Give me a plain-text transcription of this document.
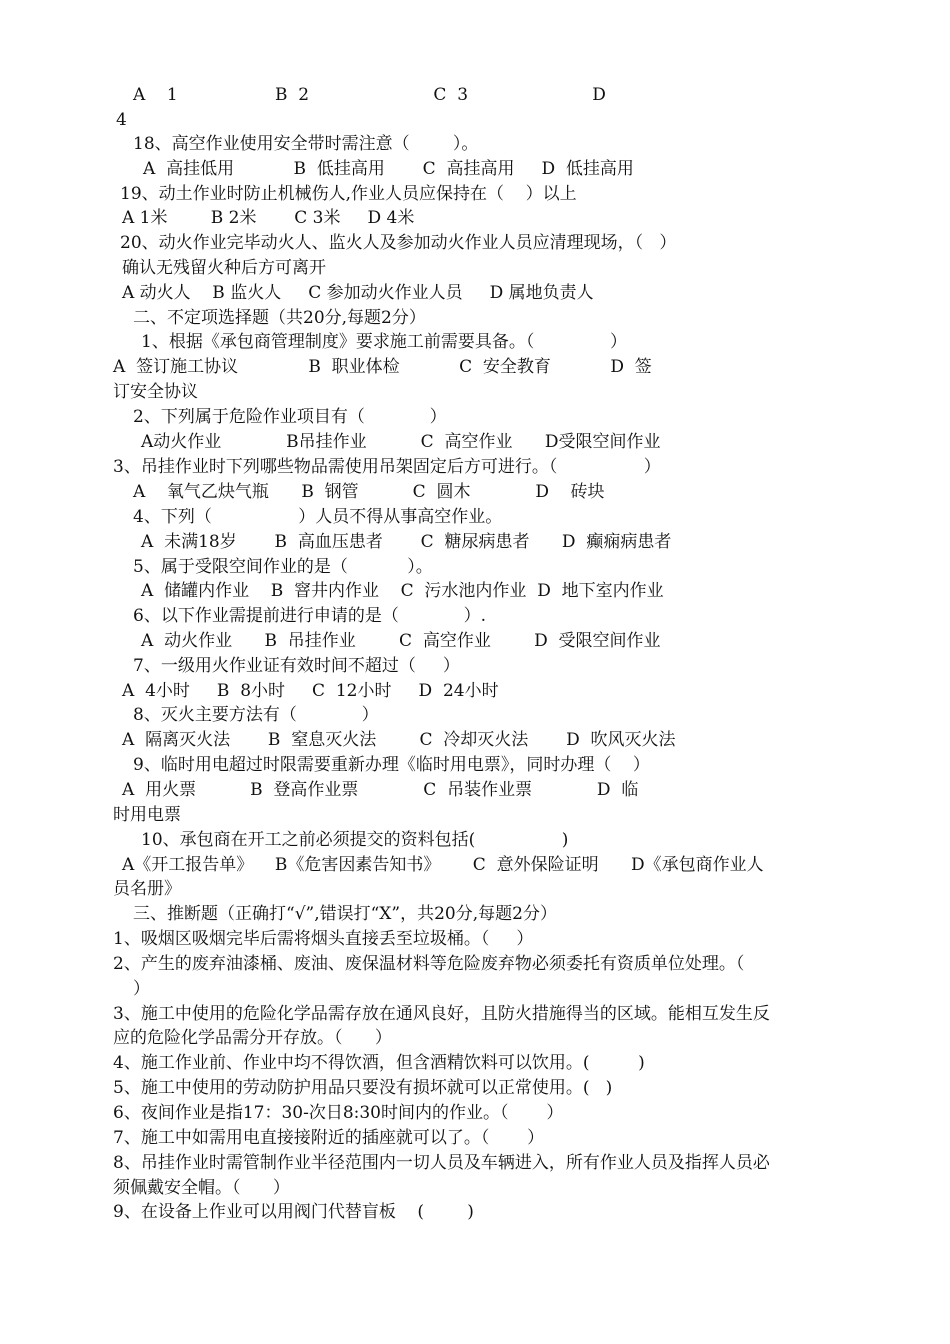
A    1                  B  2                       C  3                       D
4
18、高空作业使用安全带时需注意（        ）。
A  高挂低用           B  低挂高用       C  高挂高用     D  低挂高用
19、动土作业时防止机械伤人,作业人员应保持在（    ）以上
A 1米        B 2米       C 3米     D 4米
20、动火作业完毕动火人、监火人及参加动火作业人员应清理现场，（   ）
确认无残留火种后方可离开
A 动火人    B 监火人     C 参加动火作业人员     D 属地负责人
二、不定项选择题（共20分,每题2分）
1、根据《承包商管理制度》要求施工前需要具备。（              ）
A  签订施工协议             B  职业体检           C  安全教育           D  签
订安全协议
2、下列属于危险作业项目有（            ）
A动火作业            B吊挂作业          C  高空作业      D受限空间作业
3、吊挂作业时下列哪些物品需使用吊架固定后方可进行。（                ）
A    氧气乙炔气瓶      B  钢管          C  圆木            D    砖块
4、下列（                ）人员不得从事高空作业。
A  未满18岁       B  高血压患者       C  糖尿病患者      D  癫痫病患者
5、属于受限空间作业的是（           ）。
A  储罐内作业    B  窨井内作业    C  污水池内作业  D  地下室内作业
6、以下作业需提前进行申请的是（            ）.
A  动火作业      B  吊挂作业        C  高空作业        D  受限空间作业
7、一级用火作业证有效时间不超过（     ）
A  4小时     B  8小时     C  12小时     D  24小时
8、灭火主要方法有（            ）
A  隔离灭火法       B  窒息灭火法        C  冷却灭火法       D  吹风灭火法
9、临时用电超过时限需要重新办理《临时用电票》，同时办理（    ）
A  用火票          B  登高作业票            C  吊装作业票            D  临
时用电票
10、承包商在开工之前必须提交的资料包括(                )
A《开工报告单》    B《危害因素告知书》      C  意外保险证明      D《承包商作业人
员名册》
三、推断题（正确打“√”,错误打“X”，共20分,每题2分）
1、吸烟区吸烟完毕后需将烟头直接丢至垃圾桶。（     ）
2、产生的废弃油漆桶、废油、废保温材料等危险废弃物必须委托有资质单位处理。（
）
3、施工中使用的危险化学品需存放在通风良好，且防火措施得当的区域。能相互发生反
应的危险化学品需分开存放。（      ）
4、施工作业前、作业中均不得饮酒，但含酒精饮料可以饮用。(         )
5、施工中使用的劳动防护用品只要没有损坏就可以正常使用。(   )
6、夜间作业是指17：30-次日8:30时间内的作业。（       ）
7、施工中如需用电直接接附近的插座就可以了。（       ）
8、吊挂作业时需管制作业半径范围内一切人员及车辆进入，所有作业人员及指挥人员必
须佩戴安全帽。（      ）
9、在设备上作业可以用阀门代替盲板    (        )
